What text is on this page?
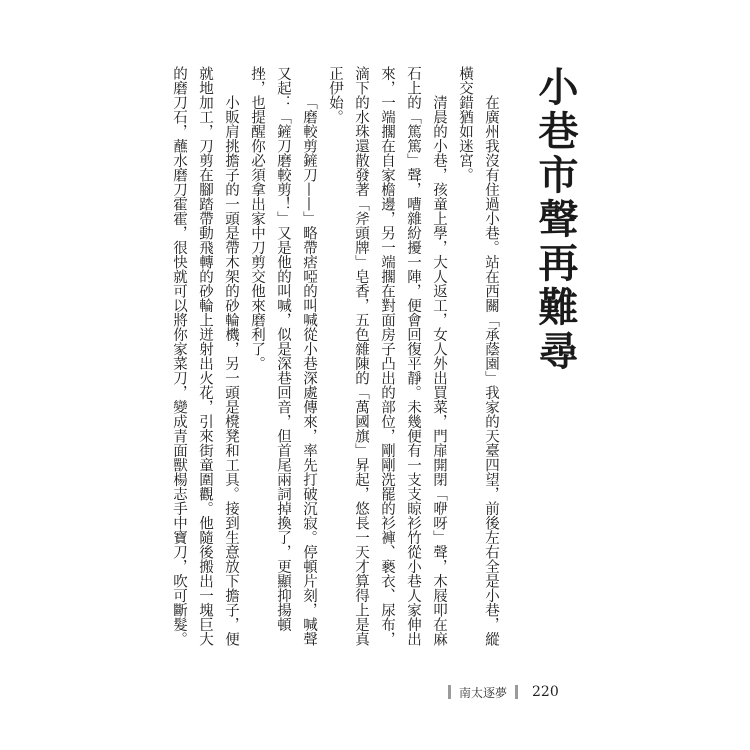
小巷市聲再難尋

在廣州我沒有住過小巷。站在西關「承蔭園」我家的天臺四望，前後左右全是小巷，縱橫交錯猶如迷宮。

清晨的小巷，孩童上學，大人返工，女人外出買菜，門扉開閉「咿呀」聲，木屐叩在麻石上的「篤篤」聲，嘈雜紛擾一陣，便會回復平靜。未幾便有一支支晾衫竹從小巷人家伸出來，一端擱在自家檐邊，另一端擱在對面房子凸出的部位，剛剛洗罷的衫褲、褻衣、尿布，滴下的水珠還散發著「斧頭牌」皂香，五色雜陳的「萬國旗」昇起，悠長一天才算得上是真正伊始。

「磨較剪鏟刀——」略帶痞啞的叫喊從小巷深處傳來，率先打破沉寂。停頓片刻，喊聲又起：「鏟刀磨較剪！」又是他的叫喊，似是深巷回音，但首尾兩詞掉換了，更顯抑揚頓挫，也提醒你必須拿出家中刀剪交他來磨利了。

小販肩挑擔子的一頭是帶木架的砂輪機，另一頭是櫈凳和工具。接到生意放下擔子，便就地加工，刀剪在腳踏帶動飛轉的砂輪上迸射出火花，引來街童圍觀。他隨後搬出一塊巨大的磨刀石，蘸水磨刀霍霍，很快就可以將你家菜刀，變成青面獸楊志手中寶刀，吹可斷髮。

南太逐夢 220
